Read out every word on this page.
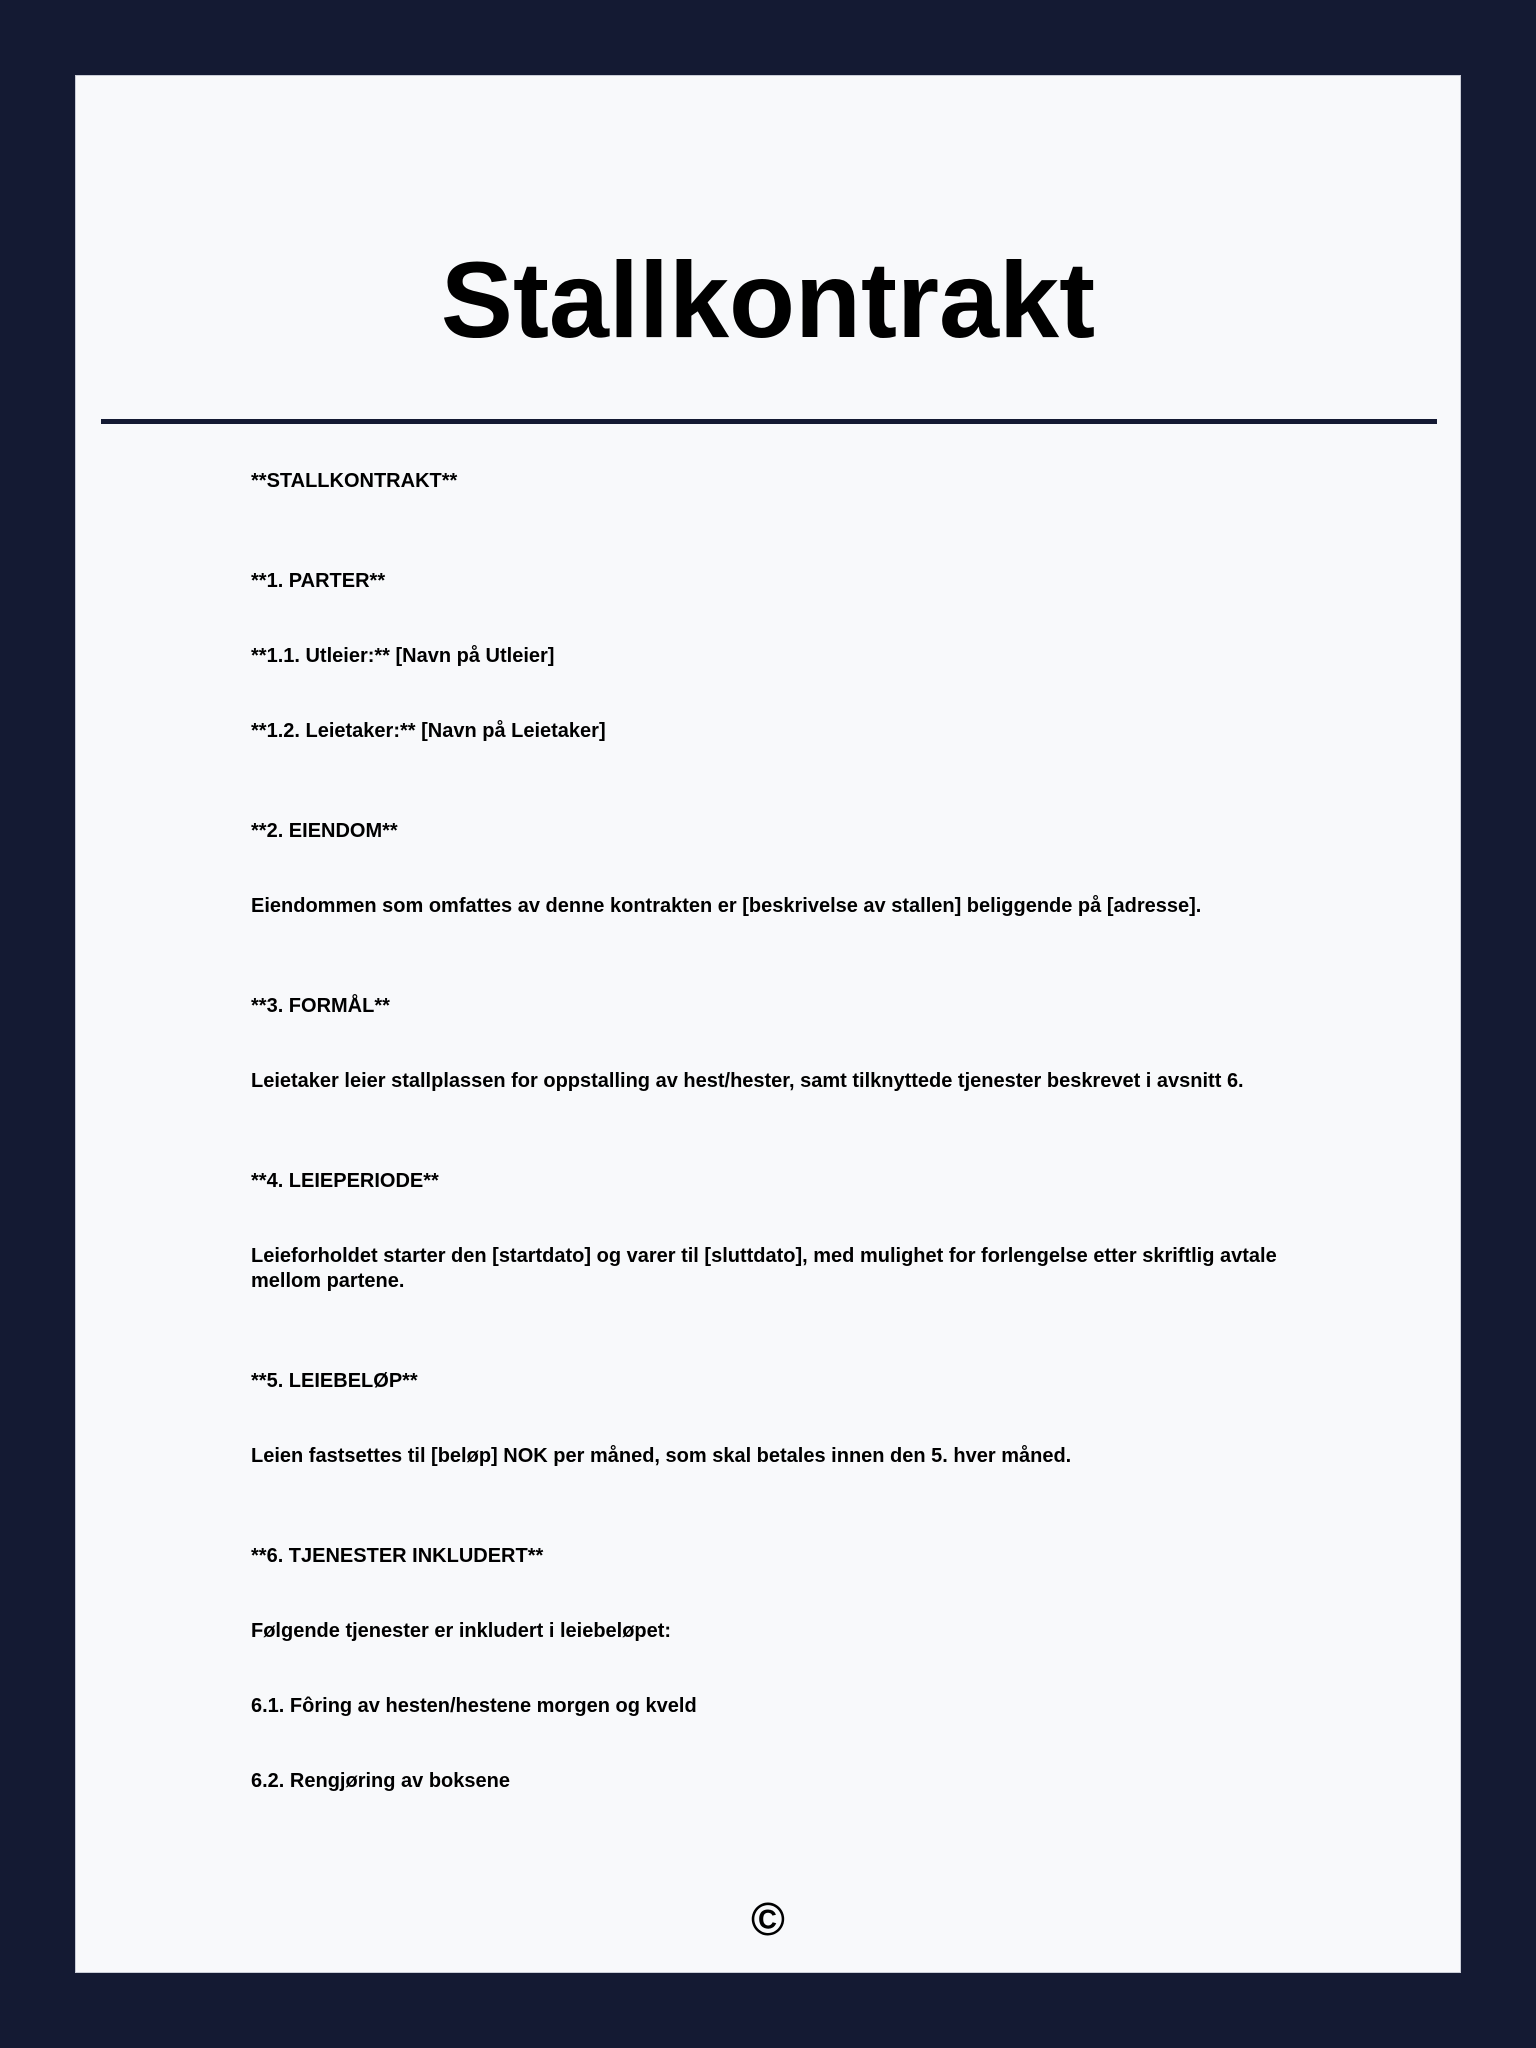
Stallkontrakt

**STALLKONTRAKT**

**1. PARTER**

**1.1. Utleier:** [Navn på Utleier]

**1.2. Leietaker:** [Navn på Leietaker]

**2. EIENDOM**

Eiendommen som omfattes av denne kontrakten er [beskrivelse av stallen] beliggende på [adresse].

**3. FORMÅL**

Leietaker leier stallplassen for oppstalling av hest/hester, samt tilknyttede tjenester beskrevet i avsnitt 6.

**4. LEIEPERIODE**

Leieforholdet starter den [startdato] og varer til [sluttdato], med mulighet for forlengelse etter skriftlig avtale mellom partene.

**5. LEIEBELØP**

Leien fastsettes til [beløp] NOK per måned, som skal betales innen den 5. hver måned.

**6. TJENESTER INKLUDERT**

Følgende tjenester er inkludert i leiebeløpet:

6.1. Fôring av hesten/hestene morgen og kveld

6.2. Rengjøring av boksene

©
